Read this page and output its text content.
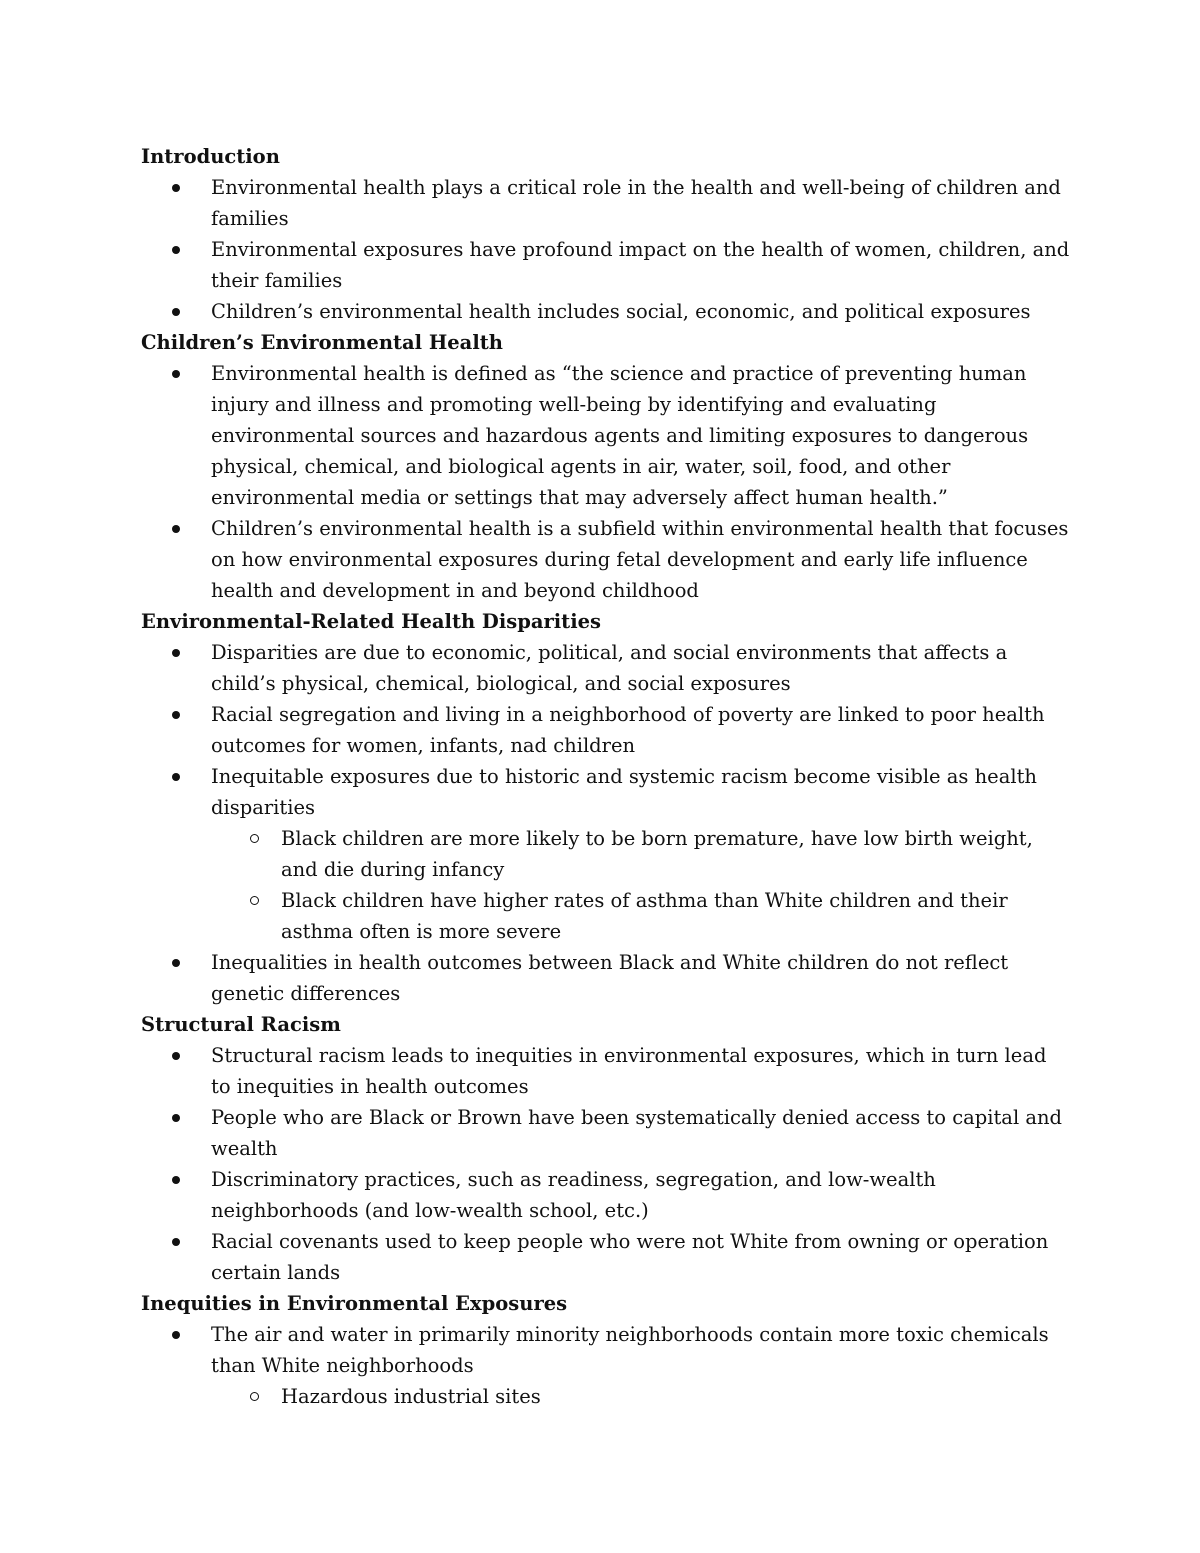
Introduction
Environmental health plays a critical role in the health and well-being of children and families
Environmental exposures have profound impact on the health of women, children, and their families
Children’s environmental health includes social, economic, and political exposures
Children’s Environmental Health
Environmental health is defined as “the science and practice of preventing human injury and illness and promoting well-being by identifying and evaluating environmental sources and hazardous agents and limiting exposures to dangerous physical, chemical, and biological agents in air, water, soil, food, and other environmental media or settings that may adversely affect human health.”
Children’s environmental health is a subfield within environmental health that focuses on how environmental exposures during fetal development and early life influence health and development in and beyond childhood
Environmental-Related Health Disparities
Disparities are due to economic, political, and social environments that affects a child’s physical, chemical, biological, and social exposures
Racial segregation and living in a neighborhood of poverty are linked to poor health outcomes for women, infants, nad children
Inequitable exposures due to historic and systemic racism become visible as health disparities
Black children are more likely to be born premature, have low birth weight, and die during infancy
Black children have higher rates of asthma than White children and their asthma often is more severe
Inequalities in health outcomes between Black and White children do not reflect genetic differences
Structural Racism
Structural racism leads to inequities in environmental exposures, which in turn lead to inequities in health outcomes
People who are Black or Brown have been systematically denied access to capital and wealth
Discriminatory practices, such as readiness, segregation, and low-wealth neighborhoods (and low-wealth school, etc.)
Racial covenants used to keep people who were not White from owning or operation certain lands
Inequities in Environmental Exposures
The air and water in primarily minority neighborhoods contain more toxic chemicals than White neighborhoods
Hazardous industrial sites
